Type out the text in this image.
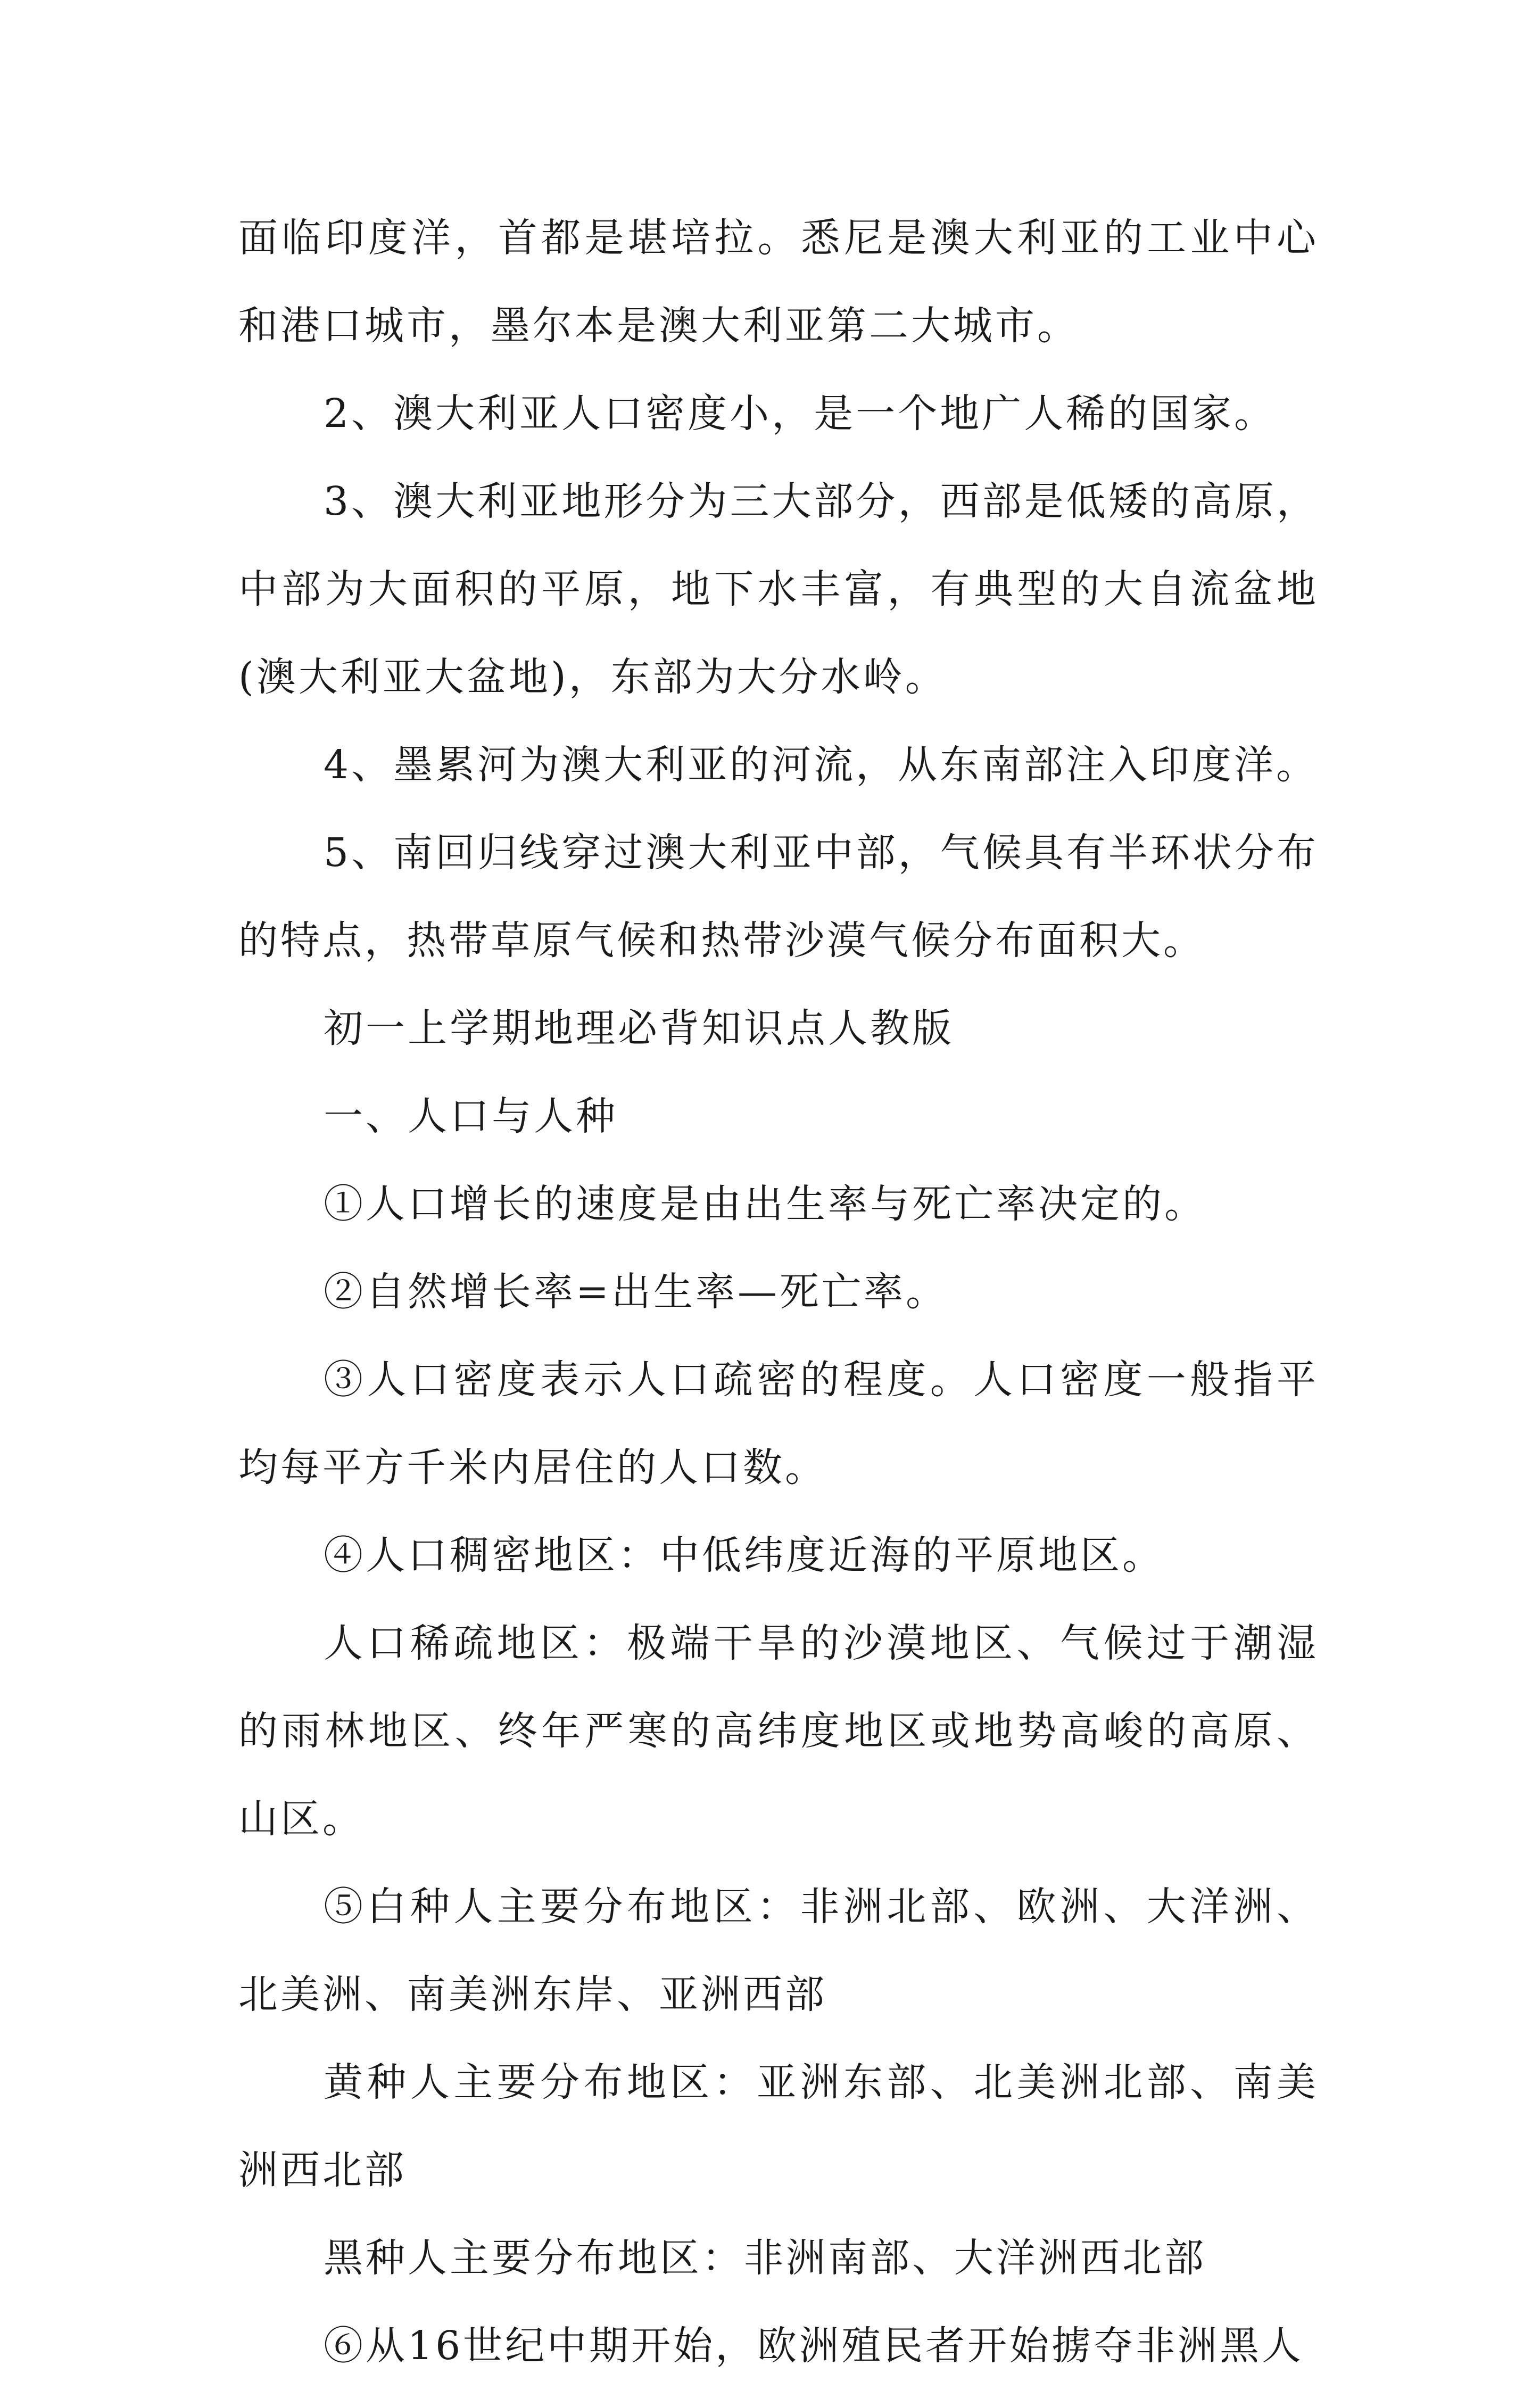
面临印度洋，首都是堪培拉。悉尼是澳大利亚的工业中心和港口城市，墨尔本是澳大利亚第二大城市。

2、澳大利亚人口密度小，是一个地广人稀的国家。

3、澳大利亚地形分为三大部分，西部是低矮的高原，中部为大面积的平原，地下水丰富，有典型的大自流盆地(澳大利亚大盆地)，东部为大分水岭。

4、墨累河为澳大利亚的河流，从东南部注入印度洋。

5、南回归线穿过澳大利亚中部，气候具有半环状分布的特点，热带草原气候和热带沙漠气候分布面积大。

初一上学期地理必背知识点人教版

一、人口与人种

①人口增长的速度是由出生率与死亡率决定的。

②自然增长率=出生率—死亡率。

③人口密度表示人口疏密的程度。人口密度一般指平均每平方千米内居住的人口数。

④人口稠密地区：中低纬度近海的平原地区。

人口稀疏地区：极端干旱的沙漠地区、气候过于潮湿的雨林地区、终年严寒的高纬度地区或地势高峻的高原、山区。

⑤白种人主要分布地区：非洲北部、欧洲、大洋洲、北美洲、南美洲东岸、亚洲西部

黄种人主要分布地区：亚洲东部、北美洲北部、南美洲西北部

黑种人主要分布地区：非洲南部、大洋洲西北部

⑥从16世纪中期开始，欧洲殖民者开始掳夺非洲黑人
